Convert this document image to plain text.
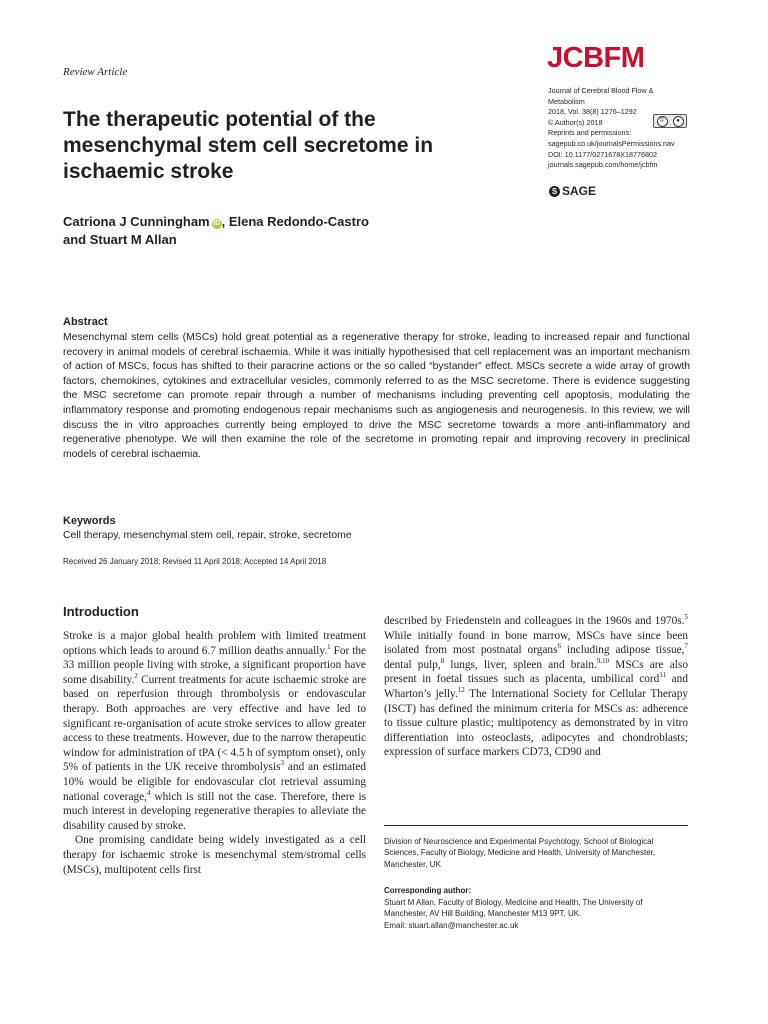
Review Article	JCBFM
Journal of Cerebral Blood Flow &
Metabolism
2018, Vol. 38(8) 1276–1292
© Author(s) 2018
Reprints and permissions:
sagepub.co.uk/journalsPermissions.nav
DOI: 10.1177/0271678X18776802
journals.sagepub.com/home/jcbfm
©	●
S SAGE
The therapeutic potential of the mesenchymal stem cell secretome in ischaemic stroke
Catriona J Cunningham iD , Elena Redondo-Castro
and Stuart M Allan
Abstract
Mesenchymal stem cells (MSCs) hold great potential as a regenerative therapy for stroke, leading to increased repair and functional recovery in animal models of cerebral ischaemia. While it was initially hypothesised that cell replacement was an important mechanism of action of MSCs, focus has shifted to their paracrine actions or the so called “bystander” effect. MSCs secrete a wide array of growth factors, chemokines, cytokines and extracellular vesicles, commonly referred to as the MSC secretome. There is evidence suggesting the MSC secretome can promote repair through a number of mechanisms including preventing cell apoptosis, modulating the inflammatory response and promoting endogenous repair mechanisms such as angiogenesis and neurogenesis. In this review, we will discuss the in vitro approaches currently being employed to drive the MSC secretome towards a more anti-inflammatory and regenerative phenotype. We will then examine the role of the secretome in promoting repair and improving recovery in preclinical models of cerebral ischaemia.
Keywords
Cell therapy, mesenchymal stem cell, repair, stroke, secretome
Received 26 January 2018; Revised 11 April 2018; Accepted 14 April 2018
Introduction

Stroke is a major global health problem with limited treatment options which leads to around 6.7 million deaths annually.$^1$ For the 33 million people living with stroke, a significant proportion have some disability.$^2$ Current treatments for acute ischaemic stroke are based on reperfusion through thrombolysis or endovascular therapy. Both approaches are very effective and have led to significant re-organisation of acute stroke services to allow greater access to these treatments. However, due to the narrow therapeutic window for administration of tPA (< 4.5 h of symptom onset), only 5% of patients in the UK receive thrombolysis$^3$ and an estimated 10% would be eligible for endovascular clot retrieval assuming national coverage,$^4$ which is still not the case. Therefore, there is much interest in developing regenerative therapies to alleviate the disability caused by stroke.

One promising candidate being widely investigated as a cell therapy for ischaemic stroke is mesenchymal stem/stromal cells (MSCs), multipotent cells first

described by Friedenstein and colleagues in the 1960s and 1970s.$^5$ While initially found in bone marrow, MSCs have since been isolated from most postnatal organs$^6$ including adipose tissue,$^7$ dental pulp,$^8$ lungs, liver, spleen and brain.$^{9,10}$ MSCs are also present in foetal tissues such as placenta, umbilical cord$^{11}$ and Wharton’s jelly.$^{12}$ The International Society for Cellular Therapy (ISCT) has defined the minimum criteria for MSCs as: adherence to tissue culture plastic; multipotency as demonstrated by in vitro differentiation into osteoclasts, adipocytes and chondroblasts; expression of surface markers CD73, CD90 and

Division of Neuroscience and Experimental Psychology, School of Biological Sciences, Faculty of Biology, Medicine and Health, University of Manchester, Manchester, UK
Corresponding author:
Stuart M Allan, Faculty of Biology, Medicine and Health, The University of
Manchester, AV Hill Building, Manchester M13 9PT, UK.
Email: stuart.allan@manchester.ac.uk
